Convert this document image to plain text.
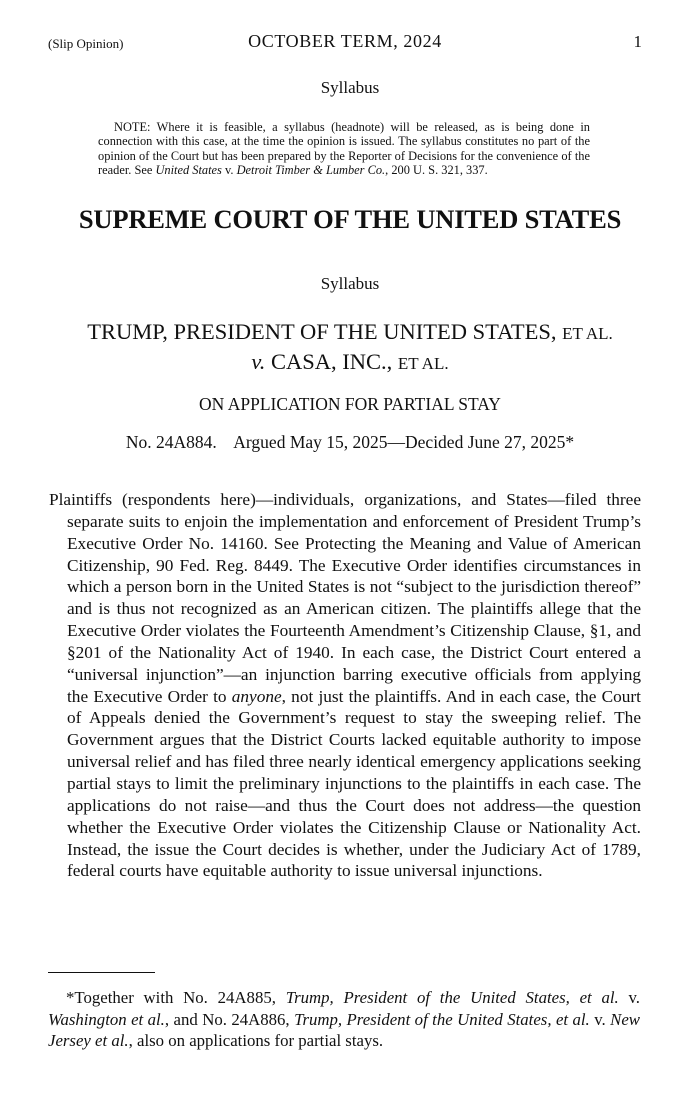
(Slip Opinion)	OCTOBER TERM, 2024	1
Syllabus
NOTE: Where it is feasible, a syllabus (headnote) will be released, as is being done in connection with this case, at the time the opinion is issued. The syllabus constitutes no part of the opinion of the Court but has been prepared by the Reporter of Decisions for the convenience of the reader. See United States v. Detroit Timber & Lumber Co., 200 U. S. 321, 337.
SUPREME COURT OF THE UNITED STATES
Syllabus
TRUMP, PRESIDENT OF THE UNITED STATES, ET AL.
v. CASA, INC., ET AL.
ON APPLICATION FOR PARTIAL STAY
No. 24A884.    Argued May 15, 2025—Decided June 27, 2025*
Plaintiffs (respondents here)—individuals, organizations, and States—filed three separate suits to enjoin the implementation and enforcement of President Trump’s Executive Order No. 14160. See Protecting the Meaning and Value of American Citizenship, 90 Fed. Reg. 8449. The Executive Order identifies circumstances in which a person born in the United States is not “subject to the jurisdiction thereof” and is thus not recognized as an American citizen. The plaintiffs allege that the Executive Order violates the Fourteenth Amendment’s Citizenship Clause, §1, and §201 of the Nationality Act of 1940. In each case, the District Court entered a “universal injunction”—an injunction barring executive officials from applying the Executive Order to anyone, not just the plaintiffs. And in each case, the Court of Appeals denied the Government’s request to stay the sweeping relief. The Government argues that the District Courts lacked equitable authority to impose universal relief and has filed three nearly identical emergency applications seeking partial stays to limit the preliminary injunctions to the plaintiffs in each case. The applications do not raise—and thus the Court does not address—the question whether the Executive Order violates the Citizenship Clause or Nationality Act. Instead, the issue the Court decides is whether, under the Judiciary Act of 1789, federal courts have equitable authority to issue universal injunctions.
*Together with No. 24A885, Trump, President of the United States, et al. v. Washington et al., and No. 24A886, Trump, President of the United States, et al. v. New Jersey et al., also on applications for partial stays.
